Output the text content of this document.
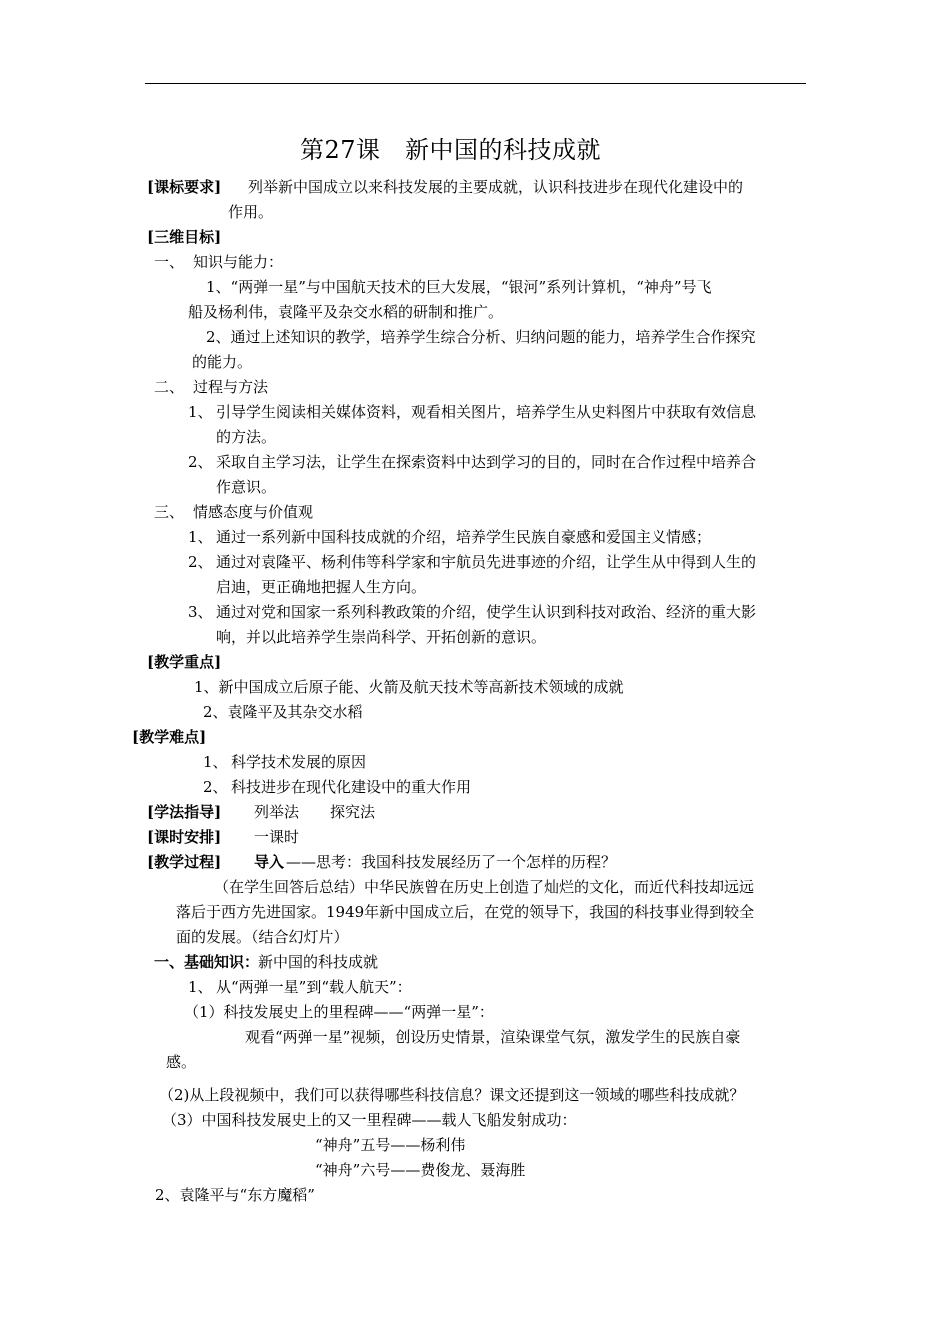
第27课　新中国的科技成就
[课标要求] 列举新中国成立以来科技发展的主要成就，认识科技进步在现代化建设中的
作用。
[三维目标]
一、 知识与能力：
1、“两弹一星”与中国航天技术的巨大发展，“银河”系列计算机，“神舟”号飞
船及杨利伟，袁隆平及杂交水稻的研制和推广。
2、通过上述知识的教学，培养学生综合分析、归纳问题的能力，培养学生合作探究
的能力。
二、 过程与方法
1、 引导学生阅读相关媒体资料，观看相关图片，培养学生从史料图片中获取有效信息
的方法。
2、 采取自主学习法，让学生在探索资料中达到学习的目的，同时在合作过程中培养合
作意识。
三、 情感态度与价值观
1、 通过一系列新中国科技成就的介绍，培养学生民族自豪感和爱国主义情感；
2、 通过对袁隆平、杨利伟等科学家和宇航员先进事迹的介绍，让学生从中得到人生的
启迪，更正确地把握人生方向。
3、 通过对党和国家一系列科教政策的介绍，使学生认识到科技对政治、经济的重大影
响，并以此培养学生崇尚科学、开拓创新的意识。
[教学重点]
1、新中国成立后原子能、火箭及航天技术等高新技术领域的成就
2、袁隆平及其杂交水稻
[教学难点]
1、 科学技术发展的原因
2、 科技进步在现代化建设中的重大作用
[学法指导] 列举法 探究法
[课时安排] 一课时
[教学过程] 导入 ——思考：我国科技发展经历了一个怎样的历程？
（在学生回答后总结）中华民族曾在历史上创造了灿烂的文化，而近代科技却远远
落后于西方先进国家。1949年新中国成立后，在党的领导下，我国的科技事业得到较全
面的发展。（结合幻灯片）
一、基础知识：
新中国的科技成就
1、 从“两弹一星”到“载人航天”：
（1）科技发展史上的里程碑——“两弹一星”：
观看“两弹一星”视频，创设历史情景，渲染课堂气氛，激发学生的民族自豪
感。
（2)从上段视频中，我们可以获得哪些科技信息？课文还提到这一领域的哪些科技成就？
（3）中国科技发展史上的又一里程碑——载人飞船发射成功：
“神舟”五号——杨利伟
“神舟”六号——费俊龙、聂海胜
2、袁隆平与“东方魔稻”
